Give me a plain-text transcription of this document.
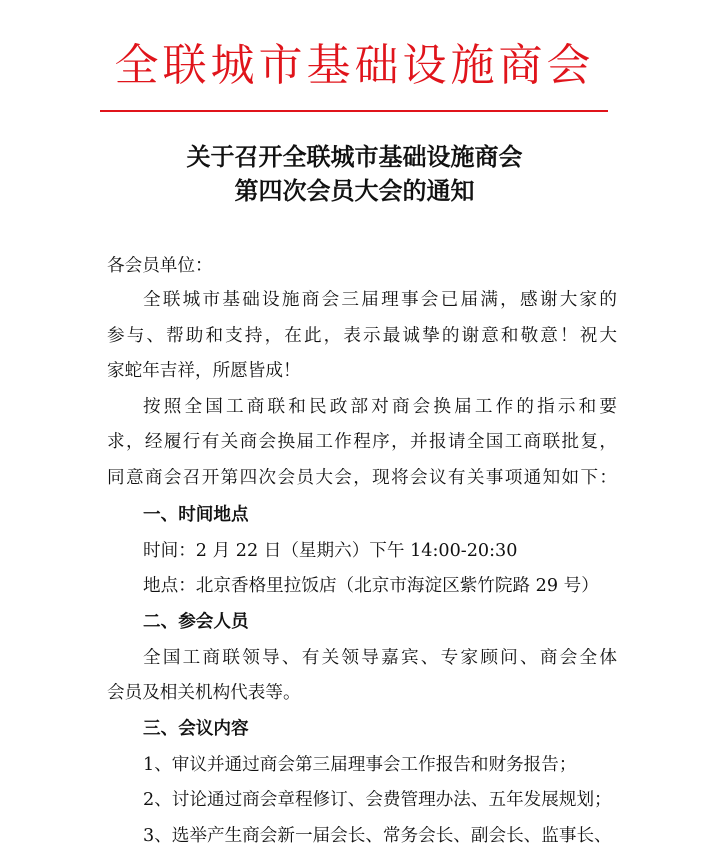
全联城市基础设施商会
关于召开全联城市基础设施商会
第四次会员大会的通知
各会员单位：
全联城市基础设施商会三届理事会已届满，感谢大家的
参与、帮助和支持，在此，表示最诚挚的谢意和敬意！祝大
家蛇年吉祥，所愿皆成！
按照全国工商联和民政部对商会换届工作的指示和要
求，经履行有关商会换届工作程序，并报请全国工商联批复，
同意商会召开第四次会员大会，现将会议有关事项通知如下：
一、时间地点
时间：2 月 22 日（星期六）下午 14:00-20:30
地点：北京香格里拉饭店（北京市海淀区紫竹院路 29 号）
二、参会人员
全国工商联领导、有关领导嘉宾、专家顾问、商会全体
会员及相关机构代表等。
三、会议内容
1、审议并通过商会第三届理事会工作报告和财务报告；
2、讨论通过商会章程修订、会费管理办法、五年发展规划；
3、选举产生商会新一届会长、常务会长、副会长、监事长、
